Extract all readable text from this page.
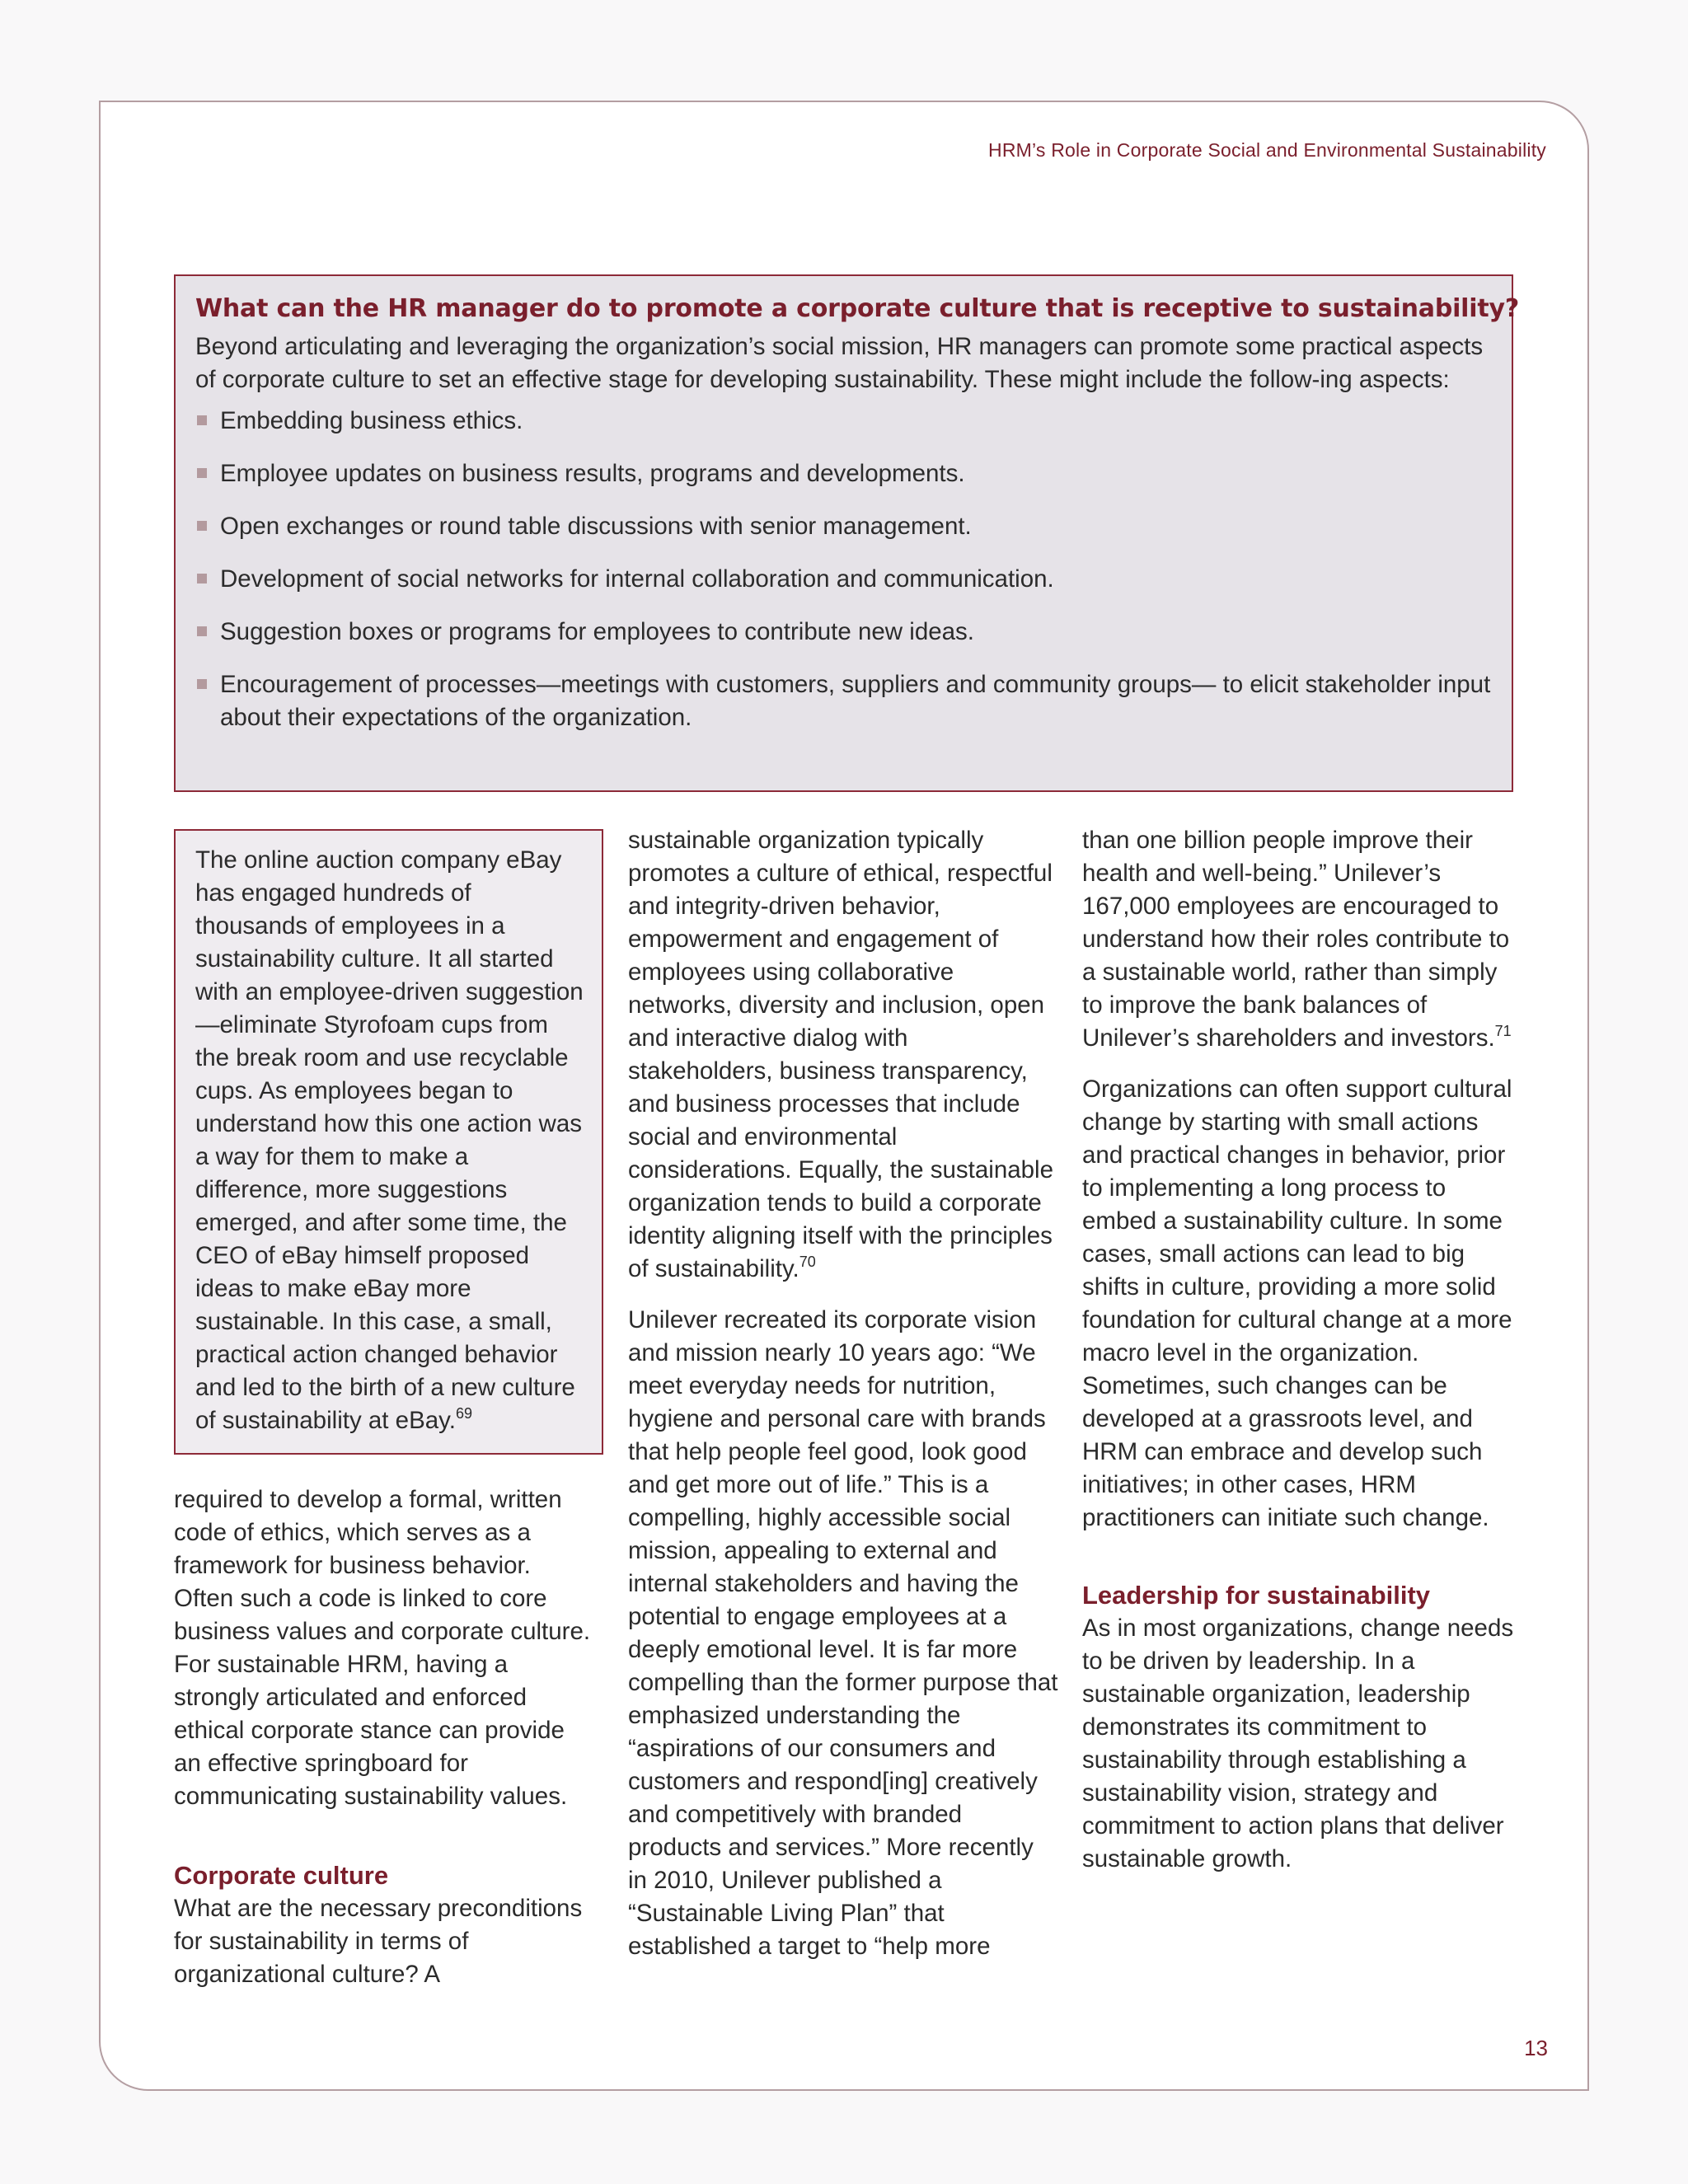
HRM’s Role in Corporate Social and Environmental Sustainability

What can the HR manager do to promote a corporate culture that is receptive to sustainability?

Beyond articulating and leveraging the organization’s social mission, HR managers can promote some practical aspects of corporate culture to set an effective stage for developing sustainability. These might include the follow-ing aspects:

Embedding business ethics.
Employee updates on business results, programs and developments.
Open exchanges or round table discussions with senior management.
Development of social networks for internal collaboration and communication.
Suggestion boxes or programs for employees to contribute new ideas.
Encouragement of processes—meetings with customers, suppliers and community groups— to elicit stakeholder input about their expectations of the organization.

The online auction company eBay has engaged hundreds of thousands of employees in a sustainability culture. It all started with an employee-driven suggestion—eliminate Styrofoam cups from the break room and use recyclable cups. As employees began to understand how this one action was a way for them to make a difference, more suggestions emerged, and after some time, the CEO of eBay himself proposed ideas to make eBay more sustainable. In this case, a small, practical action changed behavior and led to the birth of a new culture of sustainability at eBay.$^{69}$

required to develop a formal, written code of ethics, which serves as a framework for business behavior. Often such a code is linked to core business values and corporate culture. For sustainable HRM, having a strongly articulated and enforced ethical corporate stance can provide an effective springboard for communicating sustainability values.

Corporate culture

What are the necessary preconditions for sustainability in terms of organizational culture? A

sustainable organization typically promotes a culture of ethical, respectful and integrity-driven behavior, empowerment and engagement of employees using collaborative networks, diversity and inclusion, open and interactive dialog with stakeholders, business transparency, and business processes that include social and environmental considerations. Equally, the sustainable organization tends to build a corporate identity aligning itself with the principles of sustainability.$^{70}$

Unilever recreated its corporate vision and mission nearly 10 years ago: “We meet everyday needs for nutrition, hygiene and personal care with brands that help people feel good, look good and get more out of life.” This is a compelling, highly accessible social mission, appealing to external and internal stakeholders and having the potential to engage employees at a deeply emotional level. It is far more compelling than the former purpose that emphasized understanding the “aspirations of our consumers and customers and respond[ing] creatively and competitively with branded products and services.” More recently in 2010, Unilever published a “Sustainable Living Plan” that established a target to “help more

than one billion people improve their health and well-being.” Unilever’s 167,000 employees are encouraged to understand how their roles contribute to a sustainable world, rather than simply to improve the bank balances of Unilever’s shareholders and investors.$^{71}$

Organizations can often support cultural change by starting with small actions and practical changes in behavior, prior to implementing a long process to embed a sustainability culture. In some cases, small actions can lead to big shifts in culture, providing a more solid foundation for cultural change at a more macro level in the organization. Sometimes, such changes can be developed at a grassroots level, and HRM can embrace and develop such initiatives; in other cases, HRM practitioners can initiate such change.

Leadership for sustainability

As in most organizations, change needs to be driven by leadership. In a sustainable organization, leadership demonstrates its commitment to sustainability through establishing a sustainability vision, strategy and commitment to action plans that deliver sustainable growth.

13
